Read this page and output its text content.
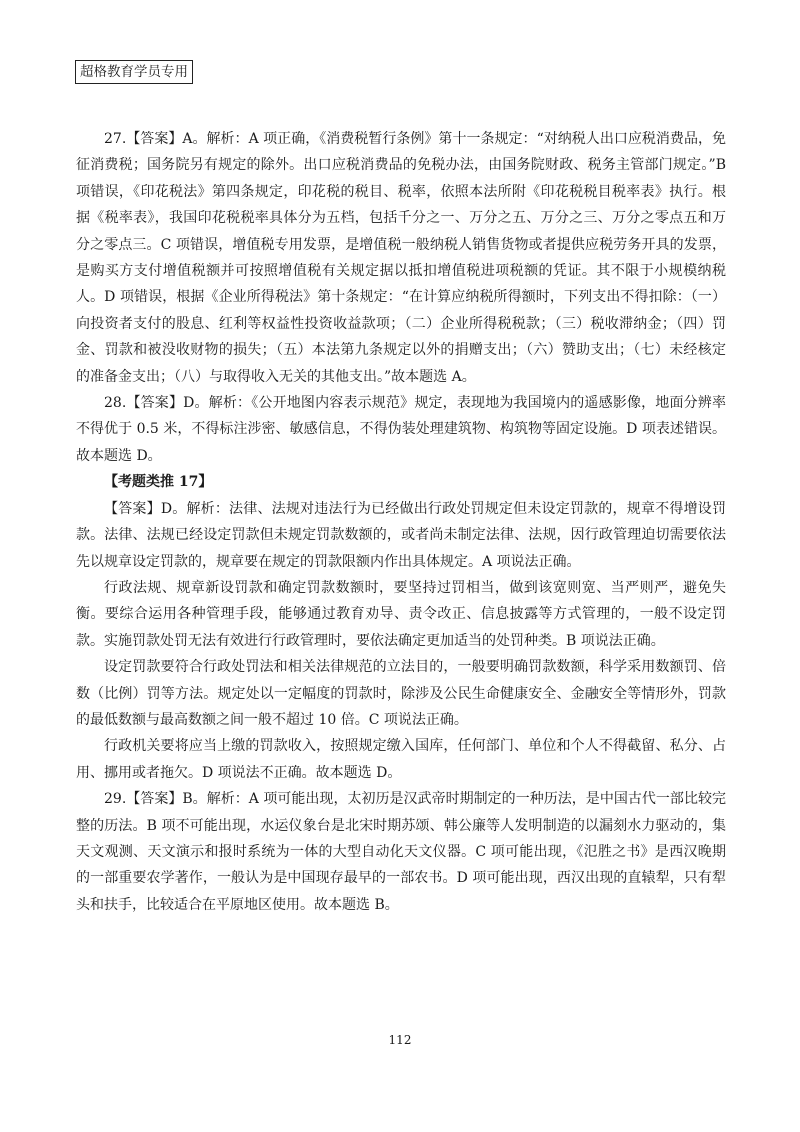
超格教育学员专用

27.【答案】A。解析：A 项正确，《消费税暂行条例》第十一条规定：“对纳税人出口应税消费品，免征消费税；国务院另有规定的除外。出口应税消费品的免税办法，由国务院财政、税务主管部门规定。”B 项错误，《印花税法》第四条规定，印花税的税目、税率，依照本法所附《印花税税目税率表》执行。根据《税率表》，我国印花税税率具体分为五档，包括千分之一、万分之五、万分之三、万分之零点五和万分之零点三。C 项错误，增值税专用发票，是增值税一般纳税人销售货物或者提供应税劳务开具的发票，是购买方支付增值税额并可按照增值税有关规定据以抵扣增值税进项税额的凭证。其不限于小规模纳税人。D 项错误，根据《企业所得税法》第十条规定：“在计算应纳税所得额时，下列支出不得扣除：（一）向投资者支付的股息、红利等权益性投资收益款项；（二）企业所得税税款；（三）税收滞纳金；（四）罚金、罚款和被没收财物的损失；（五）本法第九条规定以外的捐赠支出；（六）赞助支出；（七）未经核定的准备金支出；（八）与取得收入无关的其他支出。”故本题选 A。

28.【答案】D。解析：《公开地图内容表示规范》规定，表现地为我国境内的遥感影像，地面分辨率不得优于 0.5 米，不得标注涉密、敏感信息，不得伪装处理建筑物、构筑物等固定设施。D 项表述错误。故本题选 D。

【考题类推 17】

【答案】D。解析：法律、法规对违法行为已经做出行政处罚规定但未设定罚款的，规章不得增设罚款。法律、法规已经设定罚款但未规定罚款数额的，或者尚未制定法律、法规，因行政管理迫切需要依法先以规章设定罚款的，规章要在规定的罚款限额内作出具体规定。A 项说法正确。

行政法规、规章新设罚款和确定罚款数额时，要坚持过罚相当，做到该宽则宽、当严则严，避免失衡。要综合运用各种管理手段，能够通过教育劝导、责令改正、信息披露等方式管理的，一般不设定罚款。实施罚款处罚无法有效进行行政管理时，要依法确定更加适当的处罚种类。B 项说法正确。

设定罚款要符合行政处罚法和相关法律规范的立法目的，一般要明确罚款数额，科学采用数额罚、倍数（比例）罚等方法。规定处以一定幅度的罚款时，除涉及公民生命健康安全、金融安全等情形外，罚款的最低数额与最高数额之间一般不超过 10 倍。C 项说法正确。

行政机关要将应当上缴的罚款收入，按照规定缴入国库，任何部门、单位和个人不得截留、私分、占用、挪用或者拖欠。D 项说法不正确。故本题选 D。

29.【答案】B。解析：A 项可能出现，太初历是汉武帝时期制定的一种历法，是中国古代一部比较完整的历法。B 项不可能出现，水运仪象台是北宋时期苏颂、韩公廉等人发明制造的以漏刻水力驱动的，集天文观测、天文演示和报时系统为一体的大型自动化天文仪器。C 项可能出现，《氾胜之书》是西汉晚期的一部重要农学著作，一般认为是中国现存最早的一部农书。D 项可能出现，西汉出现的直辕犁，只有犁头和扶手，比较适合在平原地区使用。故本题选 B。

112
